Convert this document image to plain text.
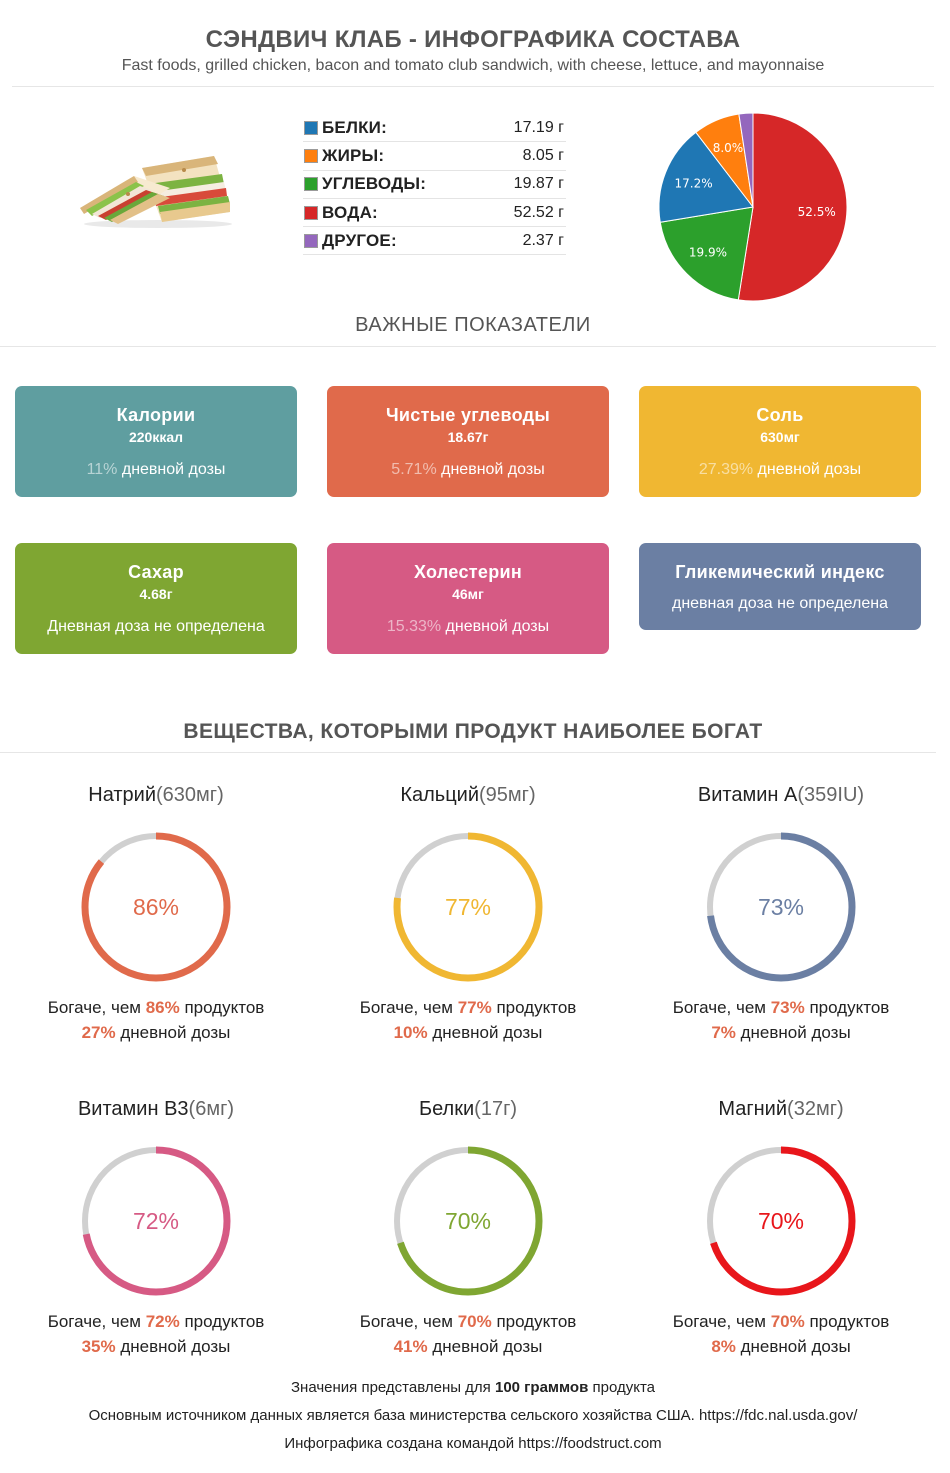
СЭНДВИЧ КЛАБ - ИНФОГРАФИКА СОСТАВА
Fast foods, grilled chicken, bacon and tomato club sandwich, with cheese, lettuce, and mayonnaise
БЕЛКИ:	17.19 г
ЖИРЫ:	8.05 г
УГЛЕВОДЫ:	19.87 г
ВОДА:	52.52 г
ДРУГОЕ:	2.37 г
52.5%
19.9%
17.2%
8.0%
ВАЖНЫЕ ПОКАЗАТЕЛИ
Калории
220ккал
11% дневной дозы
Чистые углеводы
18.67г
5.71% дневной дозы
Соль
630мг
27.39% дневной дозы
Сахар
4.68г
Дневная доза не определена
Холестерин
46мг
15.33% дневной дозы
Гликемический индекс
дневная доза не определена
ВЕЩЕСТВА, КОТОРЫМИ ПРОДУКТ НАИБОЛЕЕ БОГАТ
Натрий(630мг)
86%
Богаче, чем 86% продуктов
27% дневной дозы
Кальций(95мг)
77%
Богаче, чем 77% продуктов
10% дневной дозы
Витамин A(359IU)
73%
Богаче, чем 73% продуктов
7% дневной дозы
Витамин B3(6мг)
72%
Богаче, чем 72% продуктов
35% дневной дозы
Белки(17г)
70%
Богаче, чем 70% продуктов
41% дневной дозы
Магний(32мг)
70%
Богаче, чем 70% продуктов
8% дневной дозы
Значения представлены для 100 граммов продукта
Основным источником данных является база министерства сельского хозяйства США. https://fdc.nal.usda.gov/
Инфографика создана командой https://foodstruct.com
